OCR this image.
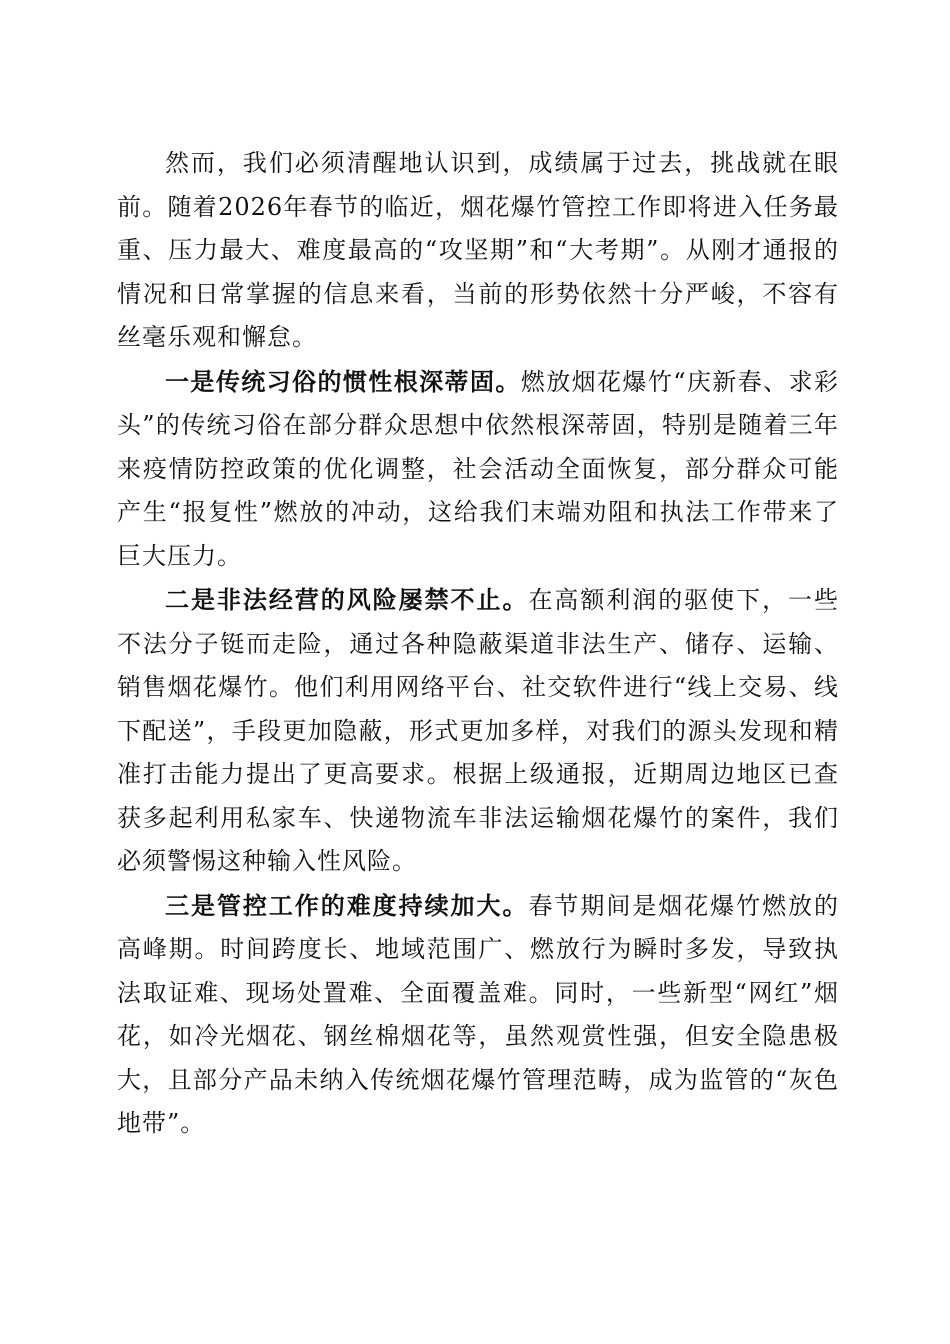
然而，我们必须清醒地认识到，成绩属于过去，挑战就在眼前。随着2026年春节的临近，烟花爆竹管控工作即将进入任务最重、压力最大、难度最高的“攻坚期”和“大考期”。从刚才通报的情况和日常掌握的信息来看，当前的形势依然十分严峻，不容有丝毫乐观和懈怠。

一是传统习俗的惯性根深蒂固。燃放烟花爆竹“庆新春、求彩头”的传统习俗在部分群众思想中依然根深蒂固，特别是随着三年来疫情防控政策的优化调整，社会活动全面恢复，部分群众可能产生“报复性”燃放的冲动，这给我们末端劝阻和执法工作带来了巨大压力。

二是非法经营的风险屡禁不止。在高额利润的驱使下，一些不法分子铤而走险，通过各种隐蔽渠道非法生产、储存、运输、销售烟花爆竹。他们利用网络平台、社交软件进行“线上交易、线下配送”，手段更加隐蔽，形式更加多样，对我们的源头发现和精准打击能力提出了更高要求。根据上级通报，近期周边地区已查获多起利用私家车、快递物流车非法运输烟花爆竹的案件，我们必须警惕这种输入性风险。

三是管控工作的难度持续加大。春节期间是烟花爆竹燃放的高峰期。时间跨度长、地域范围广、燃放行为瞬时多发，导致执法取证难、现场处置难、全面覆盖难。同时，一些新型“网红”烟花，如冷光烟花、钢丝棉烟花等，虽然观赏性强，但安全隐患极大，且部分产品未纳入传统烟花爆竹管理范畴，成为监管的“灰色地带”。
